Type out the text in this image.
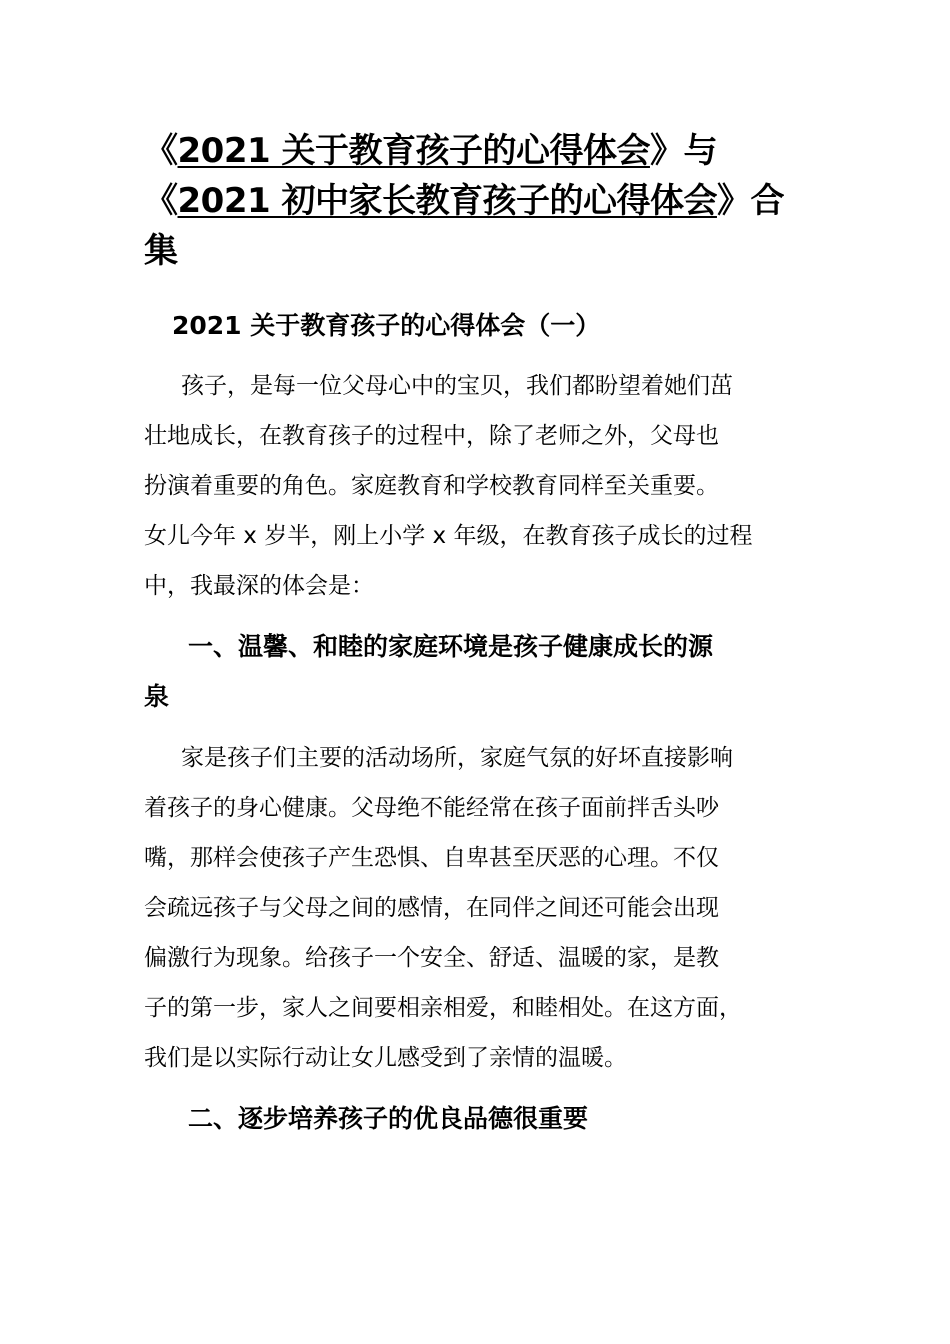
《2021 关于教育孩子的心得体会》与
《2021 初中家长教育孩子的心得体会》合
集
2021 关于教育孩子的心得体会（一）
孩子，是每一位父母心中的宝贝，我们都盼望着她们茁
壮地成长，在教育孩子的过程中，除了老师之外，父母也
扮演着重要的角色。家庭教育和学校教育同样至关重要。
女儿今年 x 岁半，刚上小学 x 年级，在教育孩子成长的过程
中，我最深的体会是：
一、温馨、和睦的家庭环境是孩子健康成长的源
泉
家是孩子们主要的活动场所，家庭气氛的好坏直接影响
着孩子的身心健康。父母绝不能经常在孩子面前拌舌头吵
嘴，那样会使孩子产生恐惧、自卑甚至厌恶的心理。不仅
会疏远孩子与父母之间的感情，在同伴之间还可能会出现
偏激行为现象。给孩子一个安全、舒适、温暖的家，是教
子的第一步，家人之间要相亲相爱，和睦相处。在这方面，
我们是以实际行动让女儿感受到了亲情的温暖。
二、逐步培养孩子的优良品德很重要
